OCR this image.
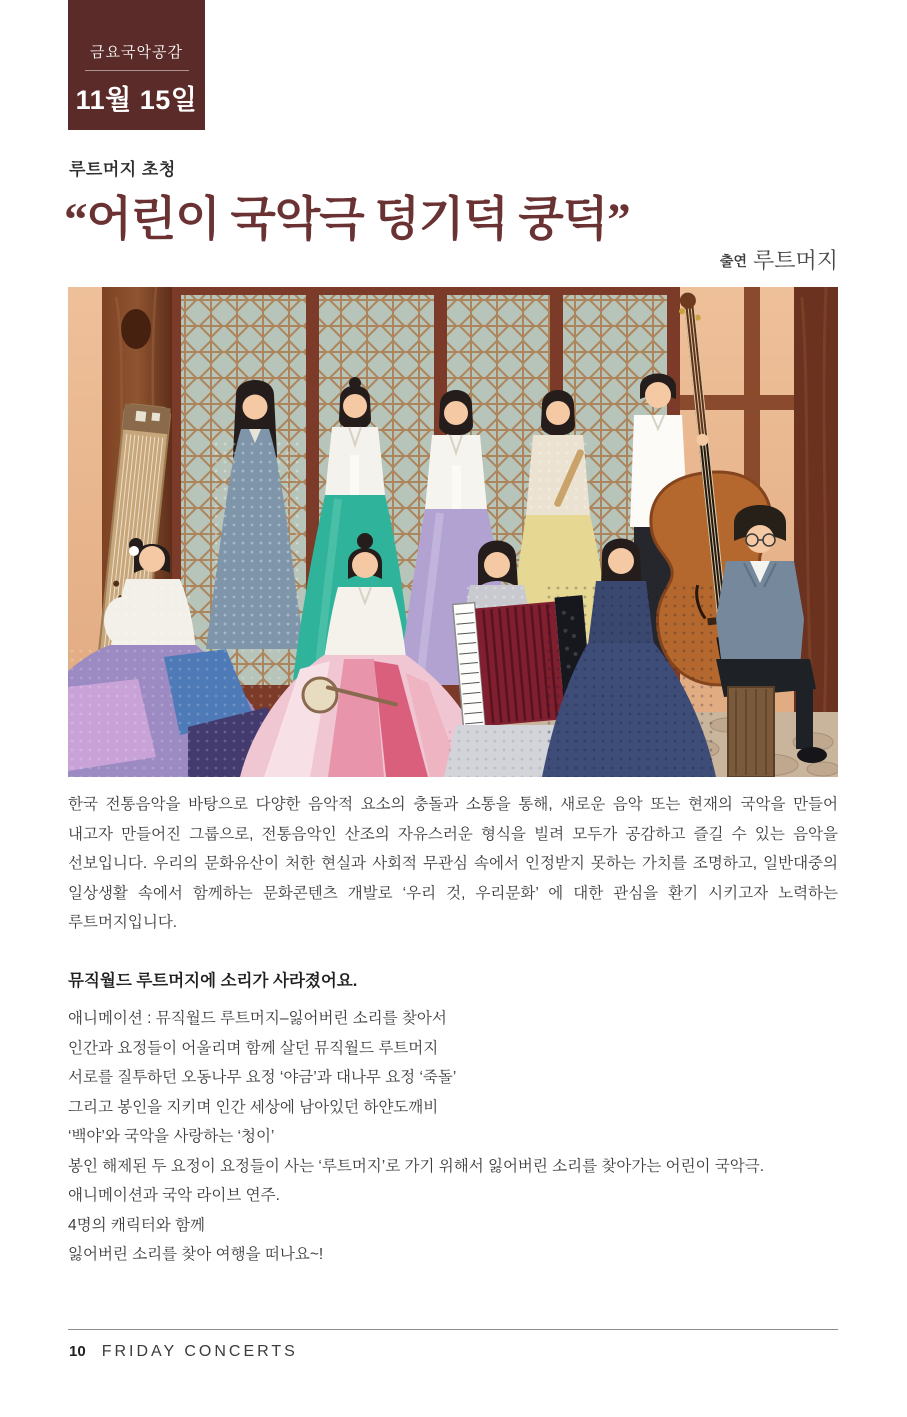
금요국악공감
11월 15일
루트머지 초청
“어린이 국악극 덩기덕 쿵덕”
출연 루트머지

한국 전통음악을 바탕으로 다양한 음악적 요소의 충돌과 소통을 통해, 새로운 음악 또는 현재의 국악을 만들어 내고자 만들어진 그룹으로, 전통음악인 산조의 자유스러운 형식을 빌려 모두가 공감하고 즐길 수 있는 음악을 선보입니다. 우리의 문화유산이 처한 현실과 사회적 무관심 속에서 인정받지 못하는 가치를 조명하고, 일반대중의 일상생활 속에서 함께하는 문화콘텐츠 개발로 ‘우리 것, 우리문화’ 에 대한 관심을 환기 시키고자 노력하는 루트머지입니다.

뮤직월드 루트머지에 소리가 사라졌어요.
애니메이션 : 뮤직월드 루트머지–잃어버린 소리를 찾아서
인간과 요정들이 어울리며 함께 살던 뮤직월드 루트머지
서로를 질투하던 오동나무 요정 ‘야금’과 대나무 요정 ‘죽돌’
그리고 봉인을 지키며 인간 세상에 남아있던 하얀도깨비
‘백야’와 국악을 사랑하는 ‘청이’
봉인 해제된 두 요정이 요정들이 사는 ‘루트머지’로 가기 위해서 잃어버린 소리를 찾아가는 어린이 국악극.
애니메이션과 국악 라이브 연주.
4명의 캐릭터와 함께
잃어버린 소리를 찾아 여행을 떠나요~!
10 FRIDAY CONCERTS
